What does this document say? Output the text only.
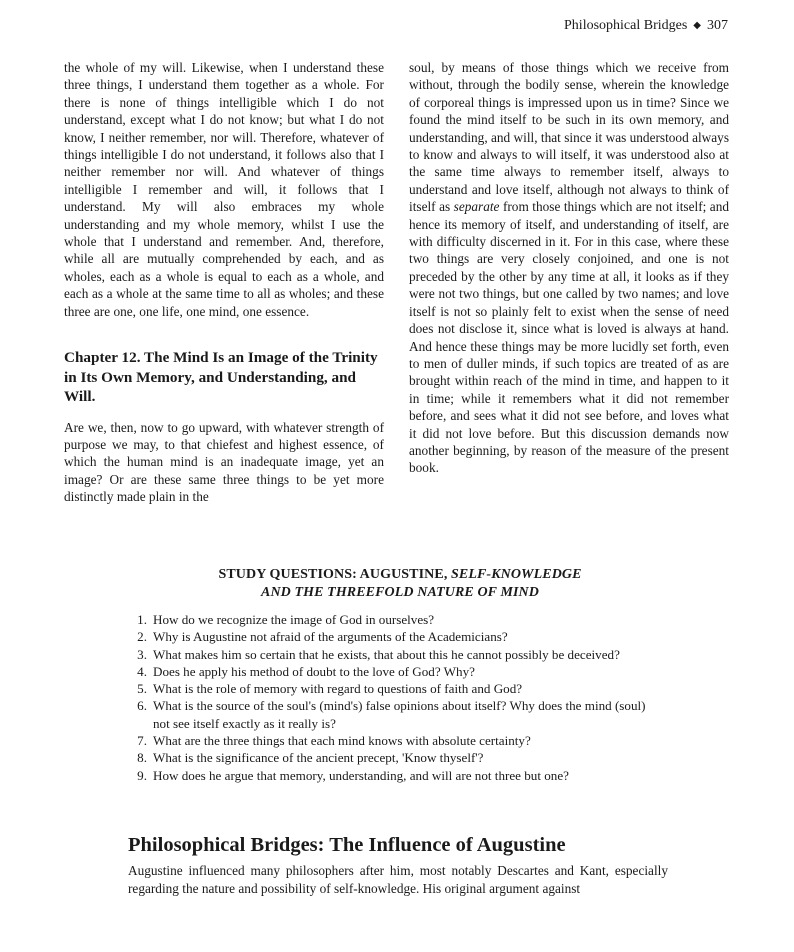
Philosophical Bridges ◆ 307

the whole of my will. Likewise, when I understand these three things, I understand them together as a whole. For there is none of things intelligible which I do not understand, except what I do not know; but what I do not know, I neither remember, nor will. Therefore, whatever of things intelligible I do not understand, it follows also that I neither remember nor will. And whatever of things intelligible I remember and will, it follows that I understand. My will also embraces my whole understanding and my whole memory, whilst I use the whole that I understand and remember. And, therefore, while all are mutually comprehended by each, and as wholes, each as a whole is equal to each as a whole, and each as a whole at the same time to all as wholes; and these three are one, one life, one mind, one essence.

Chapter 12. The Mind Is an Image of the Trinity in Its Own Memory, and Understanding, and Will.

Are we, then, now to go upward, with whatever strength of purpose we may, to that chiefest and highest essence, of which the human mind is an inadequate image, yet an image? Or are these same three things to be yet more distinctly made plain in the

soul, by means of those things which we receive from without, through the bodily sense, wherein the knowledge of corporeal things is impressed upon us in time? Since we found the mind itself to be such in its own memory, and understanding, and will, that since it was understood always to know and always to will itself, it was understood also at the same time always to remember itself, always to understand and love itself, although not always to think of itself as separate from those things which are not itself; and hence its memory of itself, and understanding of itself, are with difficulty discerned in it. For in this case, where these two things are very closely conjoined, and one is not preceded by the other by any time at all, it looks as if they were not two things, but one called by two names; and love itself is not so plainly felt to exist when the sense of need does not disclose it, since what is loved is always at hand. And hence these things may be more lucidly set forth, even to men of duller minds, if such topics are treated of as are brought within reach of the mind in time, and happen to it in time; while it remembers what it did not remember before, and sees what it did not see before, and loves what it did not love before. But this discussion demands now another beginning, by reason of the measure of the present book.

STUDY QUESTIONS: AUGUSTINE, SELF-KNOWLEDGE
AND THE THREEFOLD NATURE OF MIND
1. How do we recognize the image of God in ourselves?
2. Why is Augustine not afraid of the arguments of the Academicians?
3. What makes him so certain that he exists, that about this he cannot possibly be deceived?
4. Does he apply his method of doubt to the love of God? Why?
5. What is the role of memory with regard to questions of faith and God?
6. What is the source of the soul's (mind's) false opinions about itself? Why does the mind (soul) not see itself exactly as it really is?
7. What are the three things that each mind knows with absolute certainty?
8. What is the significance of the ancient precept, 'Know thyself'?
9. How does he argue that memory, understanding, and will are not three but one?
Philosophical Bridges: The Influence of Augustine

Augustine influenced many philosophers after him, most notably Descartes and Kant, especially regarding the nature and possibility of self-knowledge. His original argument against
